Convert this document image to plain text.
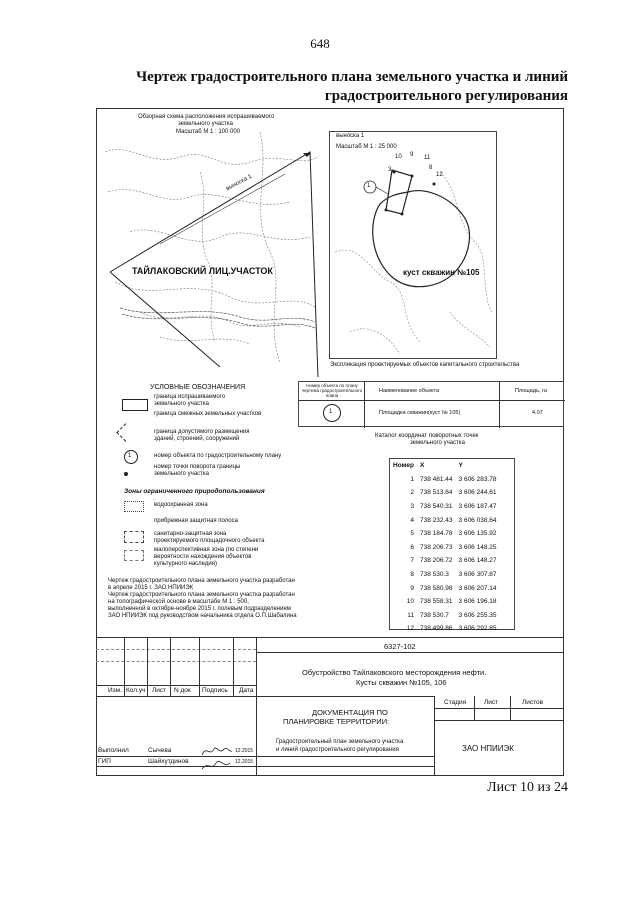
648
Чертеж градостроительного плана земельного участка и линий
градостроительного регулирования
Обзорная схема расположения испрашиваемого
земельного участка
Масштаб М 1 : 100 000
выноска 1
ТАЙЛАКОВСКИЙ ЛИЦ.УЧАСТОК
выноска 1
Масштаб М 1 : 25 000
3
10 9 11
8
12
1
куст скважин №105
Экспликация проектируемых объектов капитального строительства
Номер объекта по плану чертежа градостроительного плана
Наименование объекта	Площадь, га
1	Площадка скважин(куст № 105)	4.07
УСЛОВНЫЕ ОБОЗНАЧЕНИЯ
граница испрашиваемого
земельного участка
граница смежных земельных участков
граница допустимого размещения
зданий, строений, сооружений
1	номер объекта по градостроительному плану
номер точки поворота границы
земельного участка
Зоны ограниченного природопользования
водоохранная зона
прибрежная защитная полоса
санитарно-защитная зона
проектируемого площадочного объекта
малоперспективная зона (по степени
вероятности нахождения объектов
культурного наследия)
Каталог координат поворотных точек
земельного участка
Номер	X	Y
1	738 481.44	3 606 283.78
2	738 513.64	3 606 244.61
3	738 540.31	3 606 187.47
4	738 232.43	3 606 038.64
5	738 184.78	3 606 135.92
6	738 206.73	3 606 148.25
7	738 206.72	3 606 148.27
8	738 530.3	3 606 307.87
9	738 580.98	3 606 207.14
10	738 558.31	3 606 196.18
11	738 530.7	3 606 255.35
12	738 499.86	3 606 292.85
Чертеж градостроительного плана земельного участка разработан
в апреле 2015 г. ЗАО НПИИЭК
Чертеж градостроительного плана земельного участка разработан
на топографической основе в масштабе М 1 : 500,
выполненной в октябре-ноябре 2015 г. полевым подразделением
ЗАО НПИИЭК под руководством начальника отдела О.П.Шабалина
Изм. Кол.уч Лист N док Подпись Дата
Выполнил	Сычева	12.2015
ГИП	Шайхутдинов	12.2015
6327-102
Обустройство Тайлаковского месторождения нефти.
Кусты скважин №105, 106
Стадия	Лист	Листов
ДОКУМЕНТАЦИЯ ПО
ПЛАНИРОВКЕ ТЕРРИТОРИИ:
Градостроительный план земельного участка
и линий градостроительного регулирования	ЗАО НПИИЭК
Лист 10 из 24
